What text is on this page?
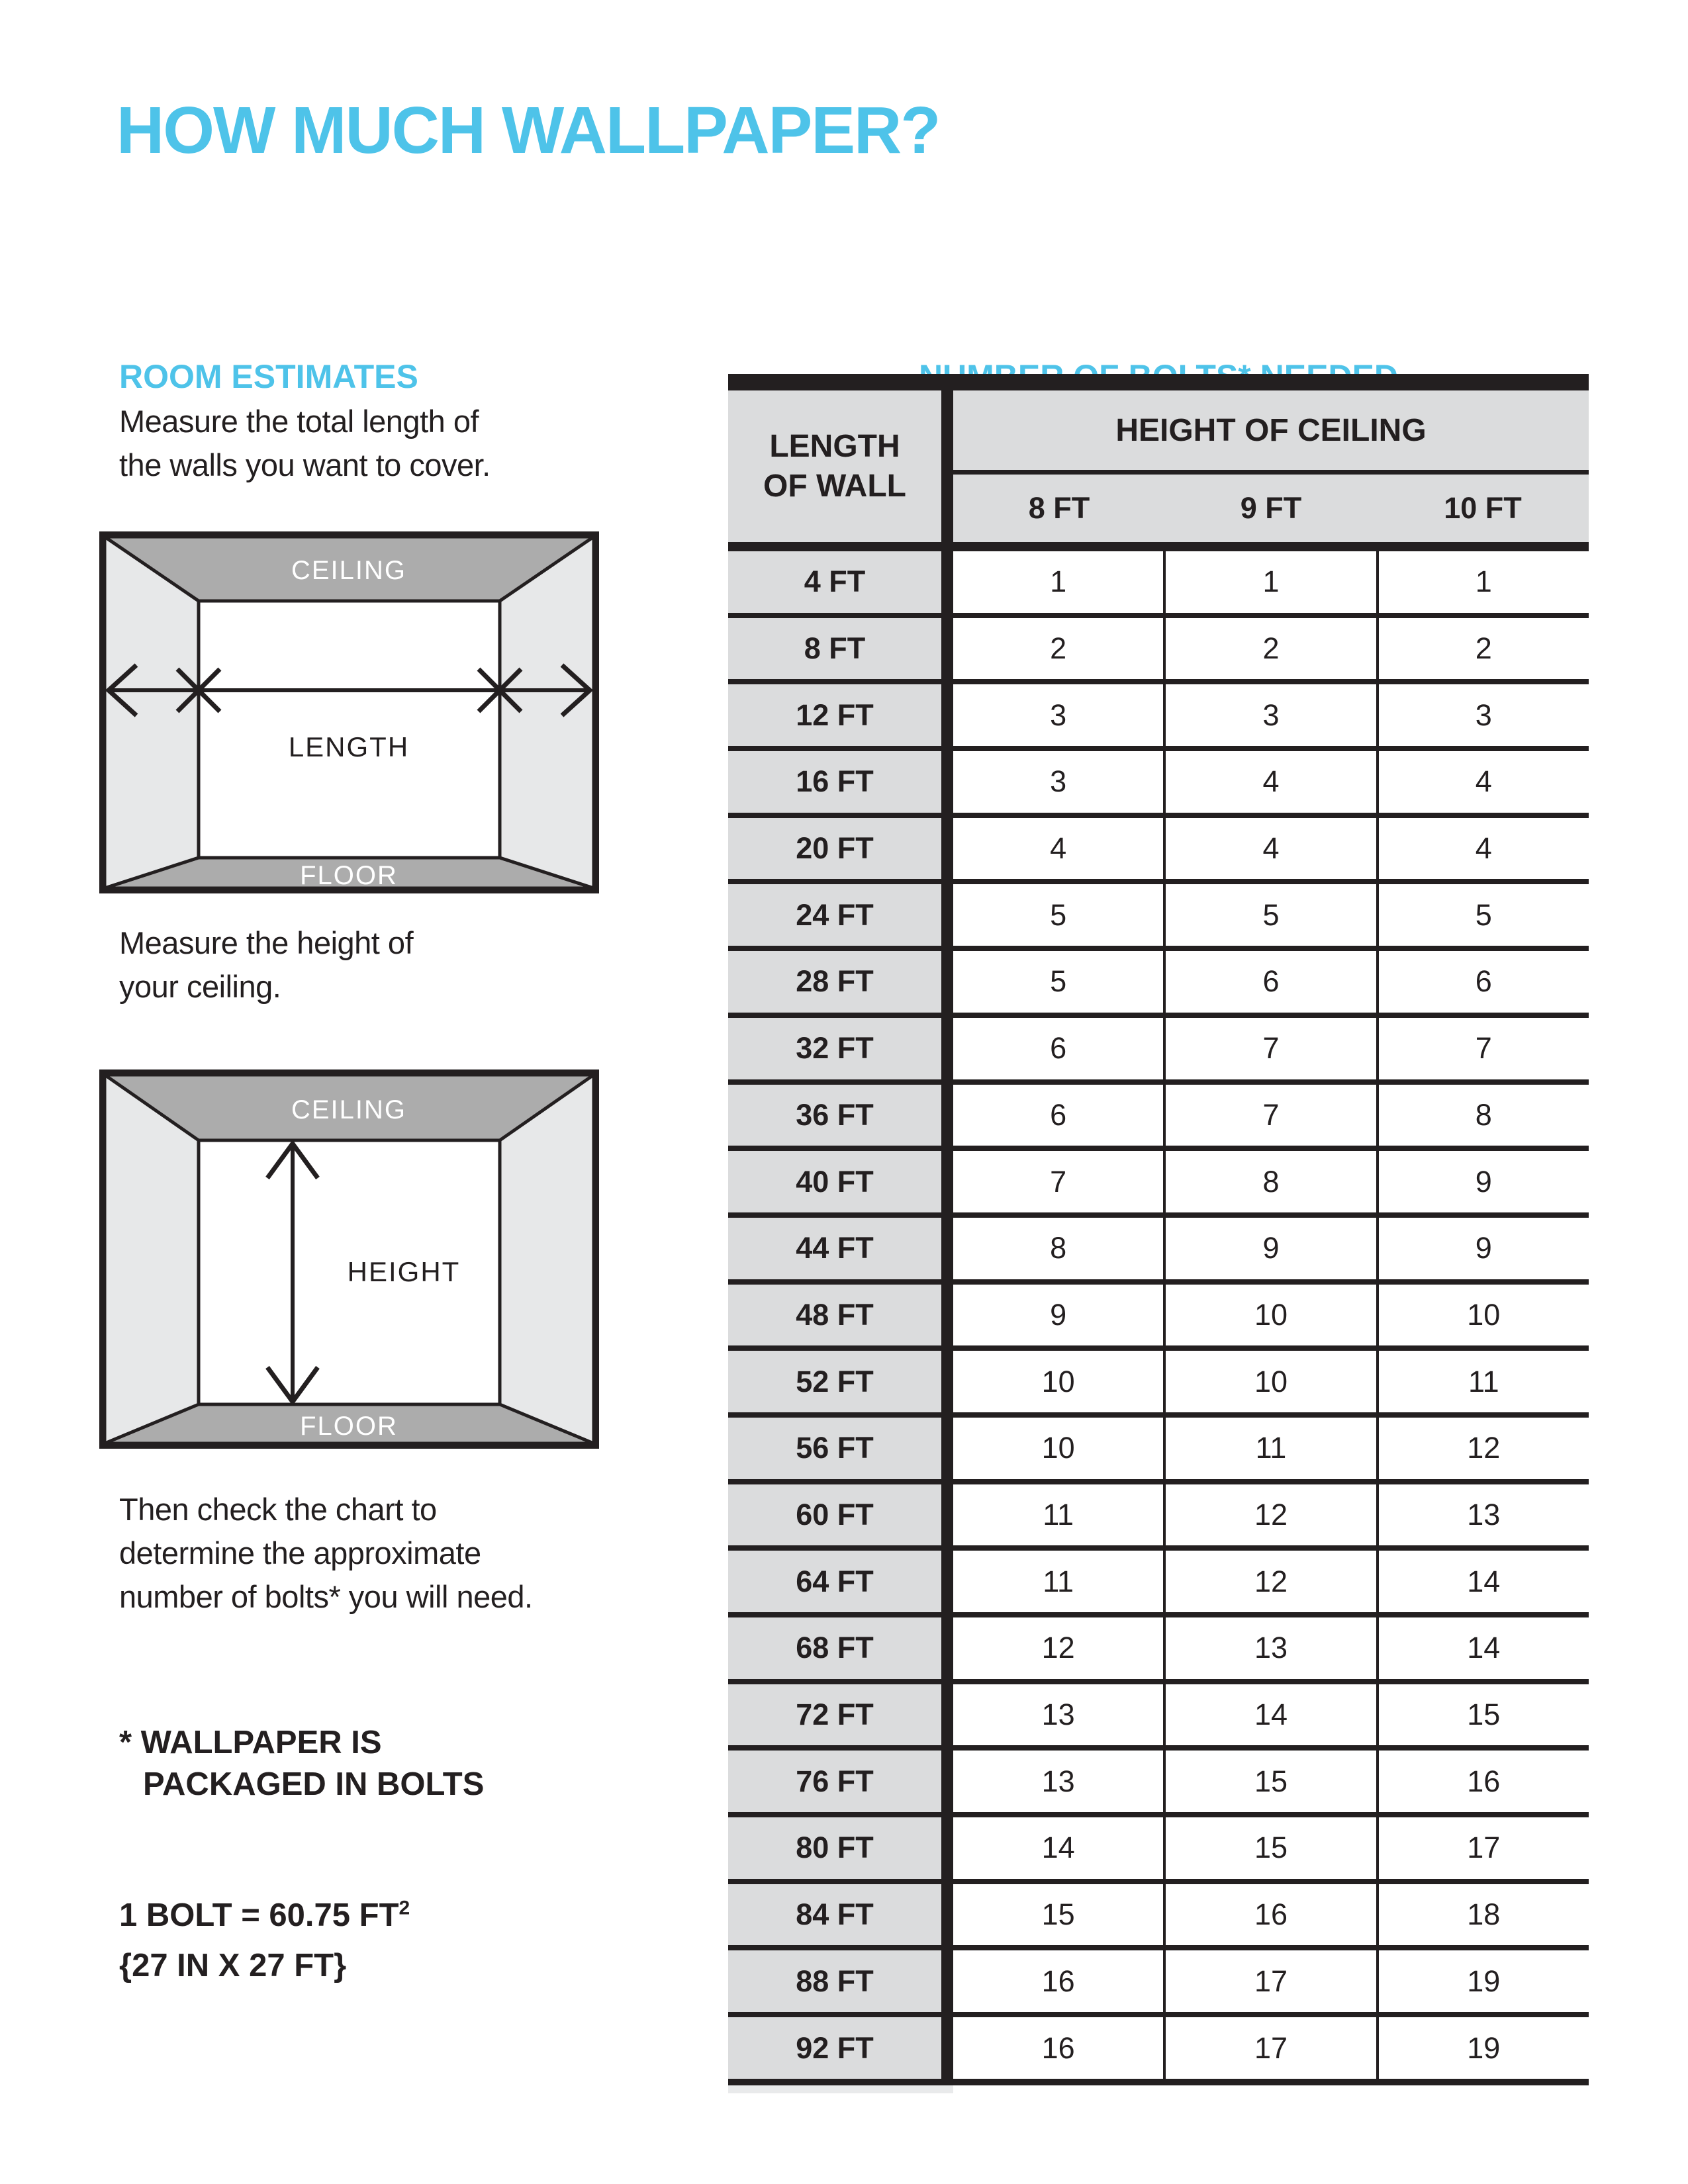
HOW MUCH WALLPAPER?
ROOM ESTIMATES
Measure the total length of
the walls you want to cover.
CEILING
LENGTH
FLOOR
Measure the height of
your ceiling.
CEILING
HEIGHT
FLOOR
Then check the chart to
determine the approximate
number of bolts* you will need.
* WALLPAPER IS
PACKAGED IN BOLTS
1 BOLT = 60.75 $FT^2$
{27 IN X 27 FT}
LENGTH
OF WALL
HEIGHT OF CEILING
8 FT	9 FT	10 FT
4 FT	1	1	1
8 FT	2	2	2
12 FT	3	3	3
16 FT	3	4	4
20 FT	4	4	4
24 FT	5	5	5
28 FT	5	6	6
32 FT	6	7	7
36 FT	6	7	8
40 FT	7	8	9
44 FT	8	9	9
48 FT	9	10	10
52 FT	10	10	11
56 FT	10	11	12
60 FT	11	12	13
64 FT	11	12	14
68 FT	12	13	14
72 FT	13	14	15
76 FT	13	15	16
80 FT	14	15	17
84 FT	15	16	18
88 FT	16	17	19
92 FT	16	17	19
